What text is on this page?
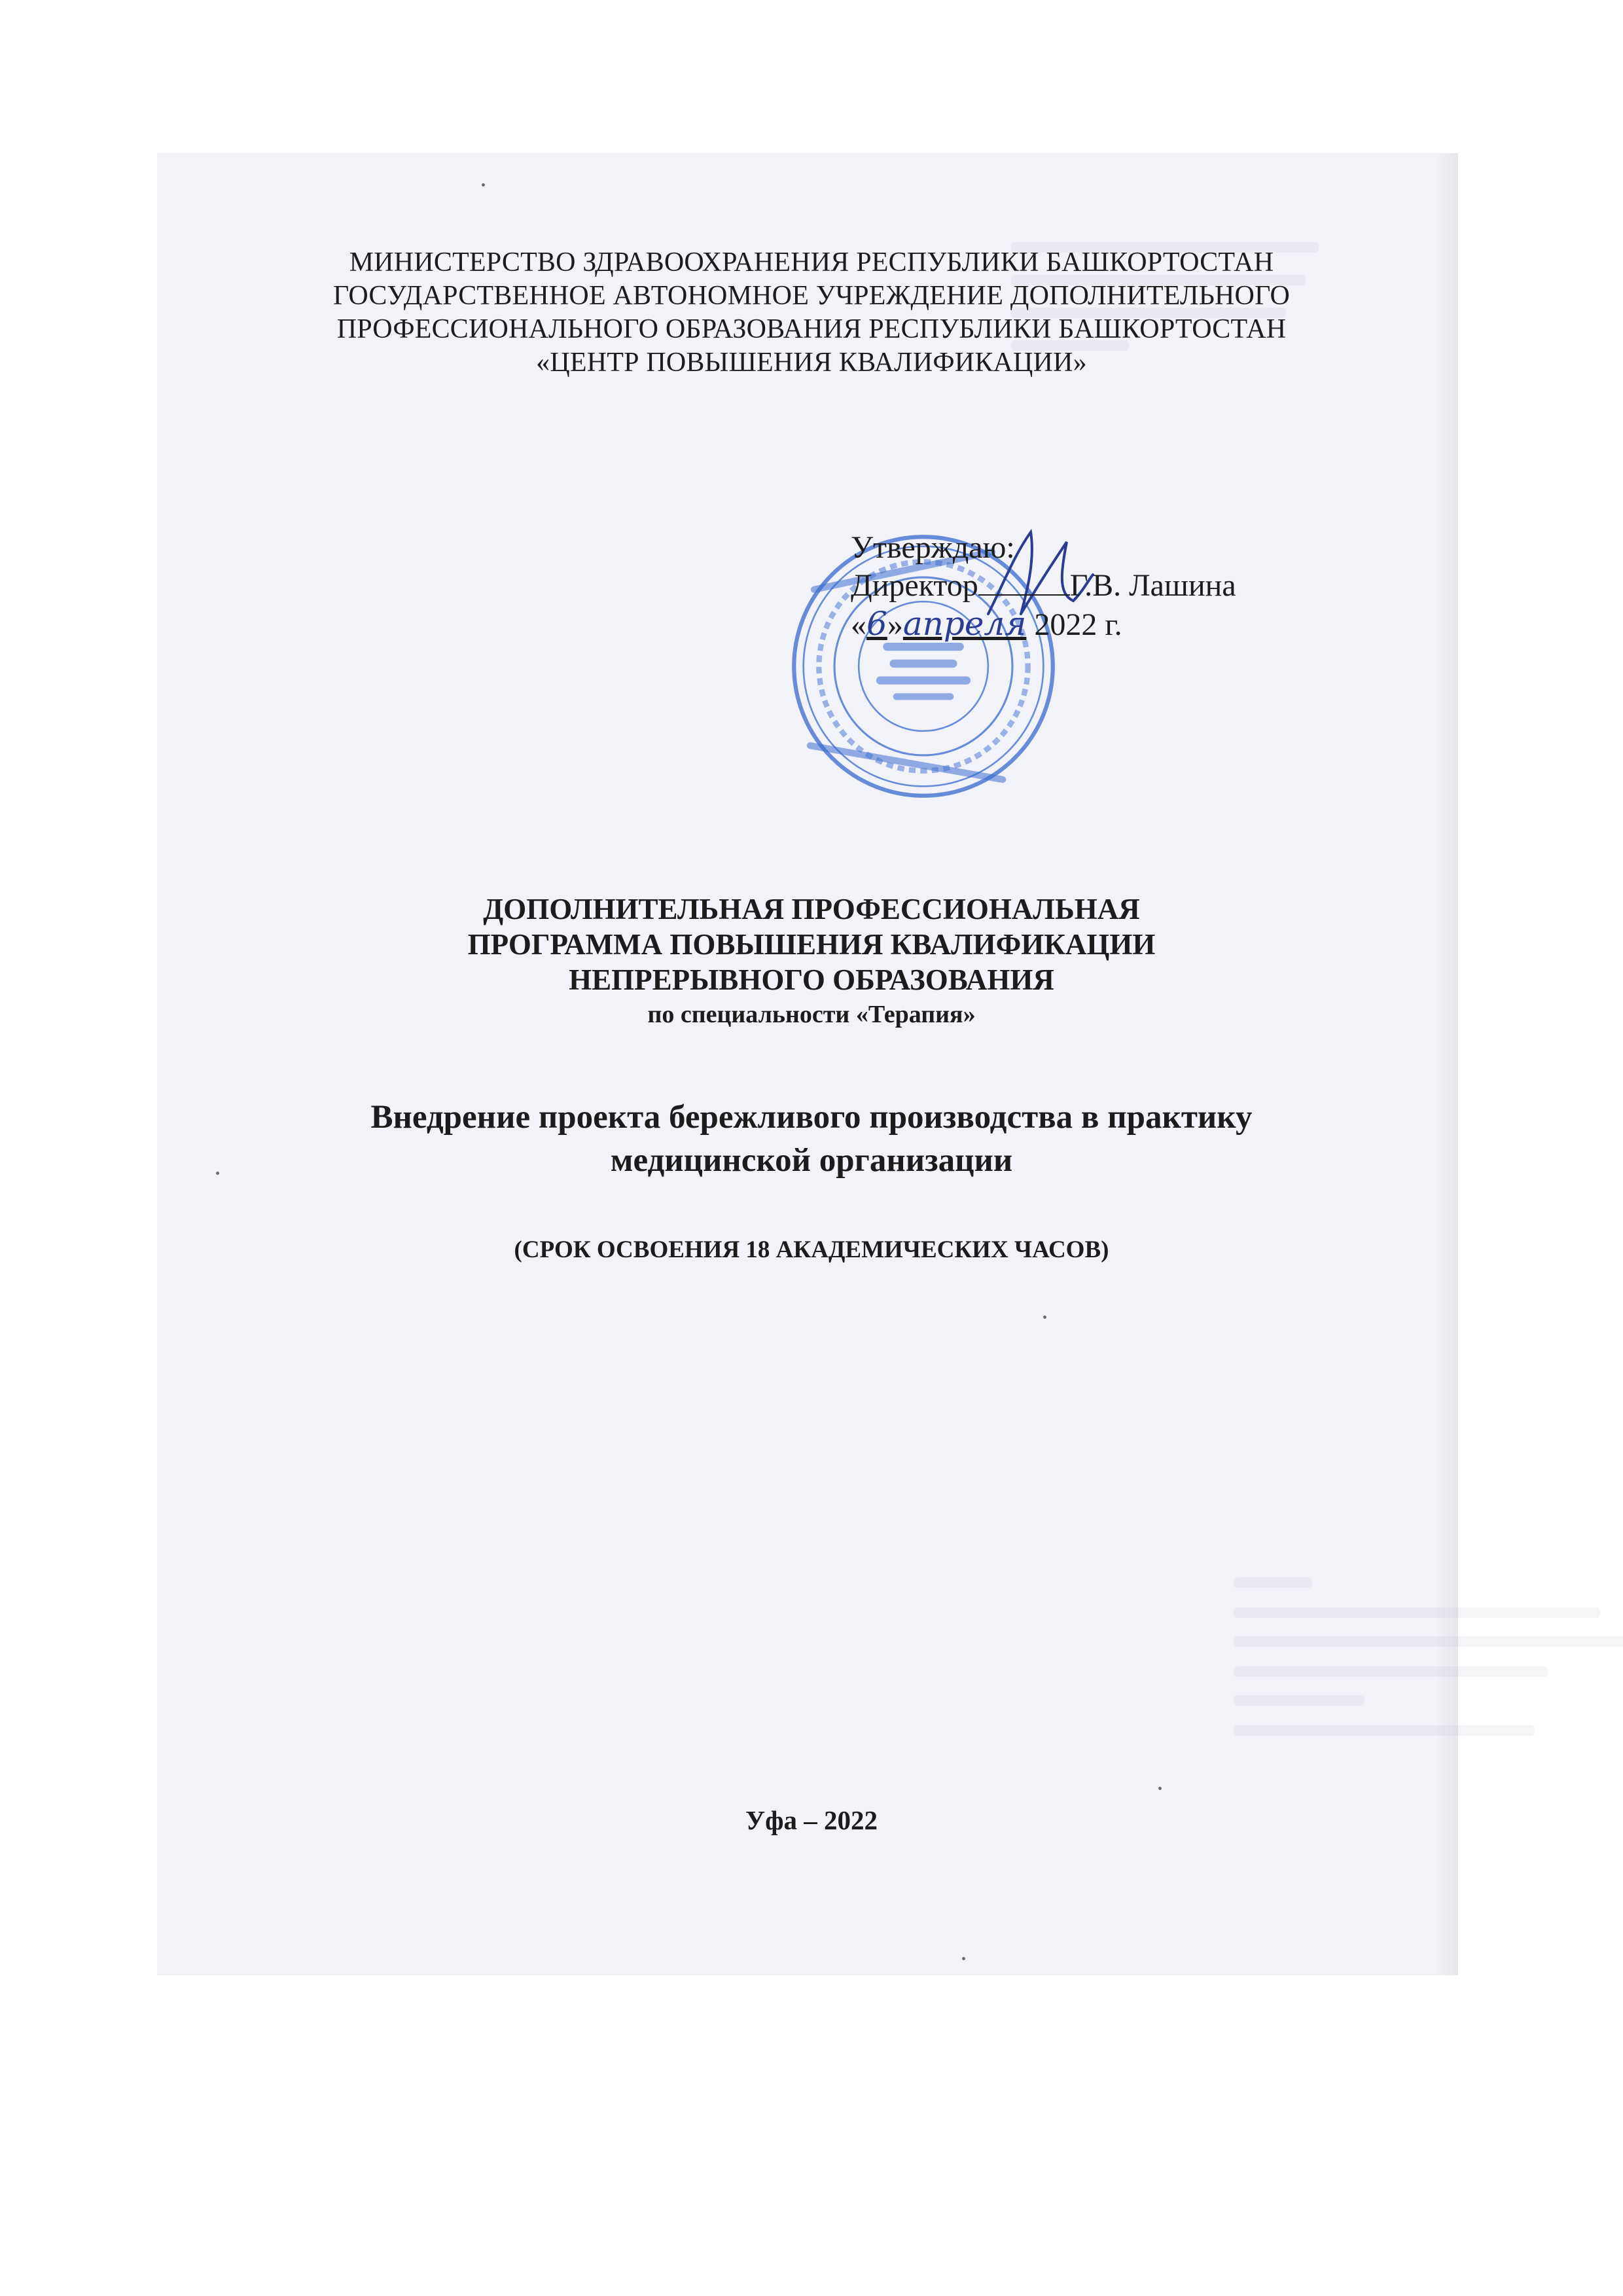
МИНИСТЕРСТВО ЗДРАВООХРАНЕНИЯ РЕСПУБЛИКИ БАШКОРТОСТАН
ГОСУДАРСТВЕННОЕ АВТОНОМНОЕ УЧРЕЖДЕНИЕ ДОПОЛНИТЕЛЬНОГО
ПРОФЕССИОНАЛЬНОГО ОБРАЗОВАНИЯ РЕСПУБЛИКИ БАШКОРТОСТАН
«ЦЕНТР ПОВЫШЕНИЯ КВАЛИФИКАЦИИ»
Утверждаю:
Директор	Г.В. Лашина
«6»апреля 2022 г.
ДОПОЛНИТЕЛЬНАЯ ПРОФЕССИОНАЛЬНАЯ
ПРОГРАММА ПОВЫШЕНИЯ КВАЛИФИКАЦИИ
НЕПРЕРЫВНОГО ОБРАЗОВАНИЯ
по специальности «Терапия»
Внедрение проекта бережливого производства в практику
медицинской организации
(СРОК ОСВОЕНИЯ 18 АКАДЕМИЧЕСКИХ ЧАСОВ)
Уфа – 2022
